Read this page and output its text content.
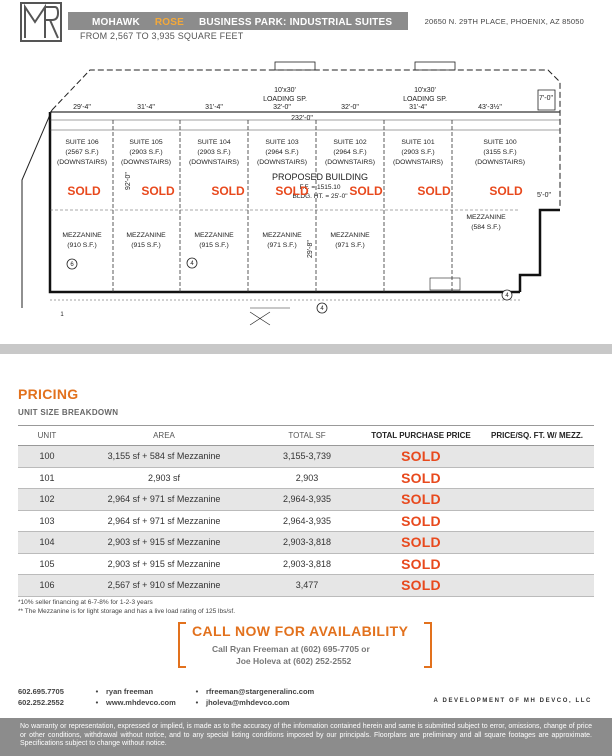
MOHAWK ROSE BUSINESS PARK: INDUSTRIAL SUITES
FROM 2,567 TO 3,935 SQUARE FEET
20650 N. 29TH PLACE, PHOENIX, AZ 85050
29'-4"	31'-4"	31'-4"	32'-0"	32'-0"	31'-4"	43'-3½"
232'-0"
10'x30'
LOADING SP.
10'x30'
LOADING SP.	7'-0"
5'-0"
92'-0"
29'-8"
PROPOSED BUILDING
F.F. = 1515.10
BLDG. HT. = 25'-0"
SUITE 106
(2567 S.F.)
(DOWNSTAIRS)
SUITE 105
(2903 S.F.)
(DOWNSTAIRS)
SUITE 104
(2903 S.F.)
(DOWNSTAIRS)
SUITE 103
(2964 S.F.)
(DOWNSTAIRS)
SUITE 102
(2964 S.F.)
(DOWNSTAIRS)
SUITE 101
(2903 S.F.)
(DOWNSTAIRS)
SUITE 100
(3155 S.F.)
(DOWNSTAIRS)
SOLD	SOLD	SOLD	SOLD	SOLD	SOLD	SOLD
MEZZANINE
(910 S.F.)
MEZZANINE
(915 S.F.)
MEZZANINE
(915 S.F.)
MEZZANINE
(971 S.F.)
MEZZANINE
(971 S.F.)
MEZZANINE
(584 S.F.)
6	4
4
4
1
PRICING
UNIT SIZE BREAKDOWN
UNIT	AREA	TOTAL SF	TOTAL PURCHASE PRICE	PRICE/SQ. FT. W/ MEZZ.
100	3,155 sf + 584 sf Mezzanine	3,155-3,739	SOLD	
101	2,903 sf	2,903	SOLD	
102	2,964 sf + 971 sf Mezzanine	2,964-3,935	SOLD	
103	2,964 sf + 971 sf Mezzanine	2,964-3,935	SOLD	
104	2,903 sf + 915 sf Mezzanine	2,903-3,818	SOLD	
105	2,903 sf + 915 sf Mezzanine	2,903-3,818	SOLD	
106	2,567 sf + 910 sf Mezzanine	3,477	SOLD	
*10% seller financing at 6-7-8% for 1-2-3 years
** The Mezzanine is for light storage and has a live load rating of 125 lbs/sf.
CALL NOW FOR AVAILABILITY
Call Ryan Freeman at (602) 695-7705 or
Joe Holeva at (602) 252-2552
602.695.7705	•	ryan freeman	•	rfreeman@stargeneralinc.com
602.252.2552	•	www.mhdevco.com	•	jholeva@mhdevco.com	A DEVELOPMENT OF MH DEVCO, LLC
No warranty or representation, expressed or implied, is made as to the accuracy of the information contained herein and same is submitted subject to error, omissions, change of price or other conditions, withdrawal without notice, and to any special listing conditions imposed by our principals. Floorplans are preliminary and all square footages are approximate. Specifications subject to change without notice.
